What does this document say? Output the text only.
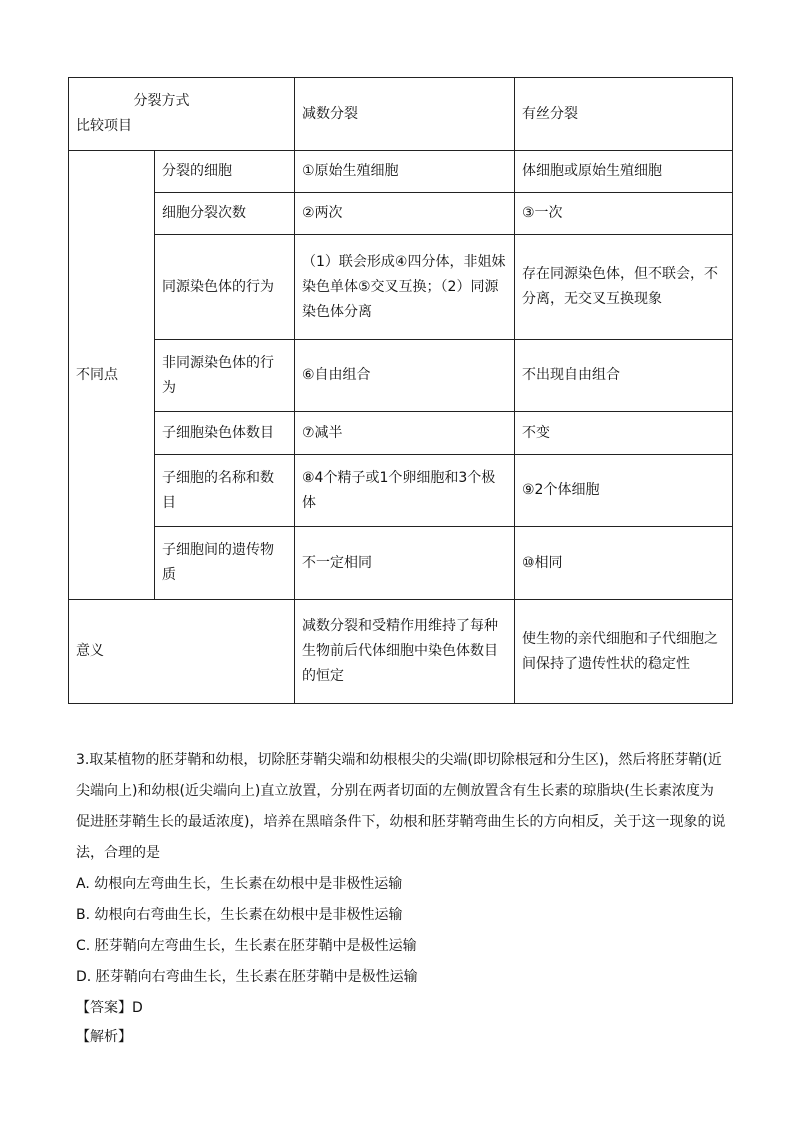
分裂方式
比较项目		减数分裂	有丝分裂
不同点	分裂的细胞	①原始生殖细胞	体细胞或原始生殖细胞
	细胞分裂次数	②两次	③一次
	同源染色体的行为	（1）联会形成④四分体，非姐妹染色单体⑤交叉互换；（2）同源染色体分离	存在同源染色体，但不联会，不分离，无交叉互换现象
	非同源染色体的行为	⑥自由组合	不出现自由组合
	子细胞染色体数目	⑦减半	不变
	子细胞的名称和数目	⑧4个精子或1个卵细胞和3个极体	⑨2个体细胞
	子细胞间的遗传物质	不一定相同	⑩相同
意义		减数分裂和受精作用维持了每种生物前后代体细胞中染色体数目的恒定	使生物的亲代细胞和子代细胞之间保持了遗传性状的稳定性
3.取某植物的胚芽鞘和幼根，切除胚芽鞘尖端和幼根根尖的尖端(即切除根冠和分生区)，然后将胚芽鞘(近
尖端向上)和幼根(近尖端向上)直立放置，分别在两者切面的左侧放置含有生长素的琼脂块(生长素浓度为
促进胚芽鞘生长的最适浓度)，培养在黑暗条件下，幼根和胚芽鞘弯曲生长的方向相反，关于这一现象的说
法，合理的是
A. 幼根向左弯曲生长，生长素在幼根中是非极性运输
B. 幼根向右弯曲生长，生长素在幼根中是非极性运输
C. 胚芽鞘向左弯曲生长，生长素在胚芽鞘中是极性运输
D. 胚芽鞘向右弯曲生长，生长素在胚芽鞘中是极性运输

【答案】D

【解析】
